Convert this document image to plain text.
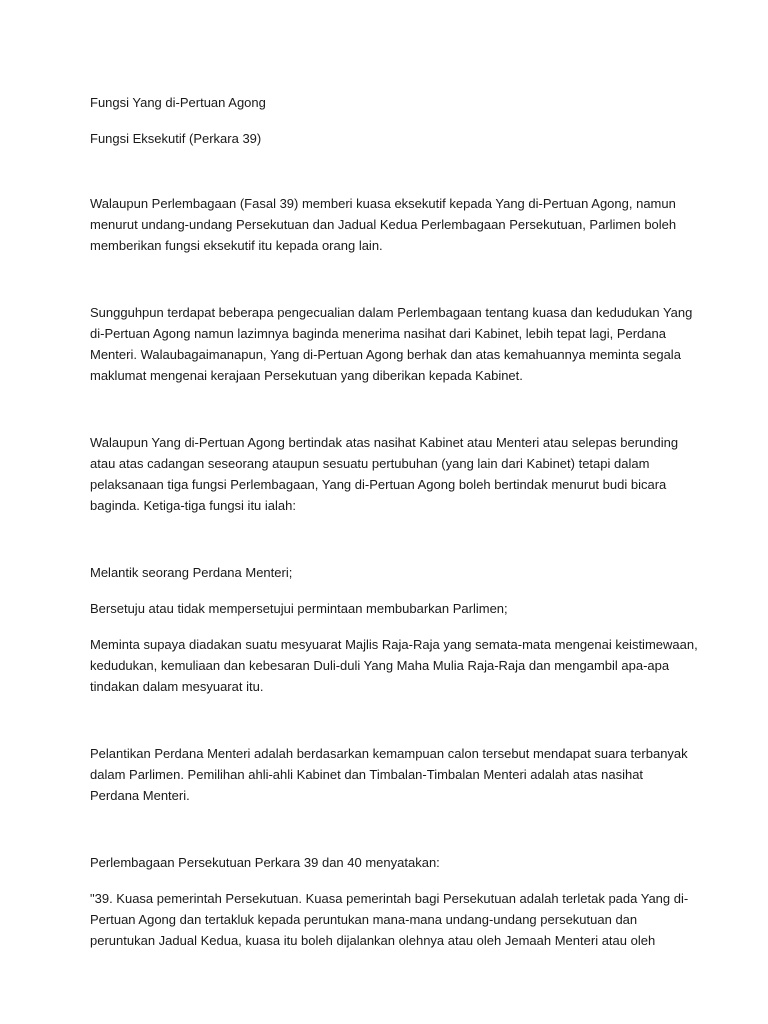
Fungsi Yang di-Pertuan Agong

Fungsi Eksekutif (Perkara 39)

Walaupun Perlembagaan (Fasal 39) memberi kuasa eksekutif kepada Yang di-Pertuan Agong, namun
menurut undang-undang Persekutuan dan Jadual Kedua Perlembagaan Persekutuan, Parlimen boleh
memberikan fungsi eksekutif itu kepada orang lain.
Sungguhpun terdapat beberapa pengecualian dalam Perlembagaan tentang kuasa dan kedudukan Yang
di-Pertuan Agong namun lazimnya baginda menerima nasihat dari Kabinet, lebih tepat lagi, Perdana
Menteri. Walaubagaimanapun, Yang di-Pertuan Agong berhak dan atas kemahuannya meminta segala
maklumat mengenai kerajaan Persekutuan yang diberikan kepada Kabinet.
Walaupun Yang di-Pertuan Agong bertindak atas nasihat Kabinet atau Menteri atau selepas berunding
atau atas cadangan seseorang ataupun sesuatu pertubuhan (yang lain dari Kabinet) tetapi dalam
pelaksanaan tiga fungsi Perlembagaan, Yang di-Pertuan Agong boleh bertindak menurut budi bicara
baginda. Ketiga-tiga fungsi itu ialah:
Melantik seorang Perdana Menteri;
Bersetuju atau tidak mempersetujui permintaan membubarkan Parlimen;
Meminta supaya diadakan suatu mesyuarat Majlis Raja-Raja yang semata-mata mengenai keistimewaan,
kedudukan, kemuliaan dan kebesaran Duli-duli Yang Maha Mulia Raja-Raja dan mengambil apa-apa
tindakan dalam mesyuarat itu.
Pelantikan Perdana Menteri adalah berdasarkan kemampuan calon tersebut mendapat suara terbanyak
dalam Parlimen. Pemilihan ahli-ahli Kabinet dan Timbalan-Timbalan Menteri adalah atas nasihat
Perdana Menteri.

Perlembagaan Persekutuan Perkara 39 dan 40 menyatakan:

"39. Kuasa pemerintah Persekutuan. Kuasa pemerintah bagi Persekutuan adalah terletak pada Yang di-
Pertuan Agong dan tertakluk kepada peruntukan mana-mana undang-undang persekutuan dan
peruntukan Jadual Kedua, kuasa itu boleh dijalankan olehnya atau oleh Jemaah Menteri atau oleh
